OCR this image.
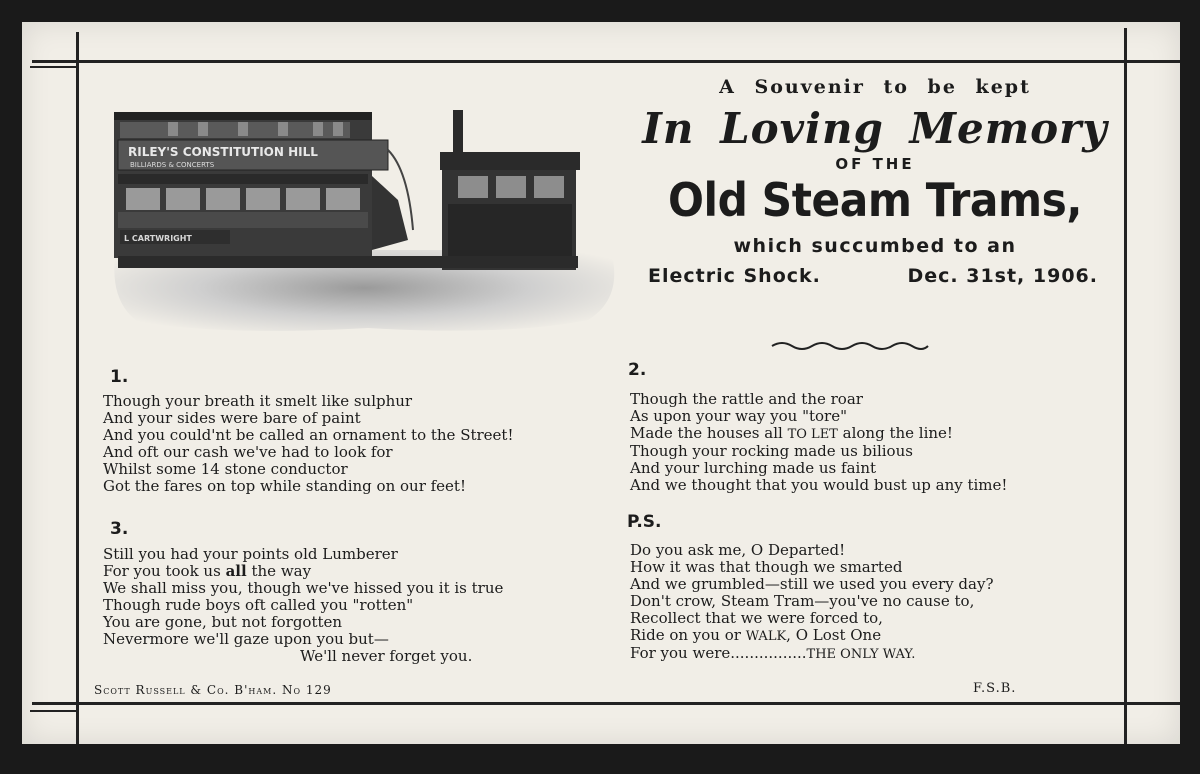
RILEY'S CONSTITUTION HILL
BILLIARDS & CONCERTS
L CARTWRIGHT
A Souvenir to be kept
In Loving Memory
OF THE
Old Steam Trams,
which succumbed to an
Electric Shock.	Dec. 31st, 1906.
1.	2.
3.	P.S.
Though your breath it smelt like sulphur
And your sides were bare of paint
And you could'nt be called an ornament to the Street!
And oft our cash we've had to look for
Whilst some 14 stone conductor
Got the fares on top while standing on our feet!
Though the rattle and the roar
As upon your way you "tore"
Made the houses all TO LET along the line!
Though your rocking made us bilious
And your lurching made us faint
And we thought that you would bust up any time!
Still you had your points old Lumberer
For you took us all the way
We shall miss you, though we've hissed you it is true
Though rude boys oft called you "rotten"
You are gone, but not forgotten
Nevermore we'll gaze upon you but—
We'll never forget you.
Do you ask me, O Departed!
How it was that though we smarted
And we grumbled—still we used you every day?
Don't crow, Steam Tram—you've no cause to,
Recollect that we were forced to,
Ride on you or WALK, O Lost One
For you were................THE ONLY WAY.
Scott Russell & Co. B'ham. No 129	F.S.B.
